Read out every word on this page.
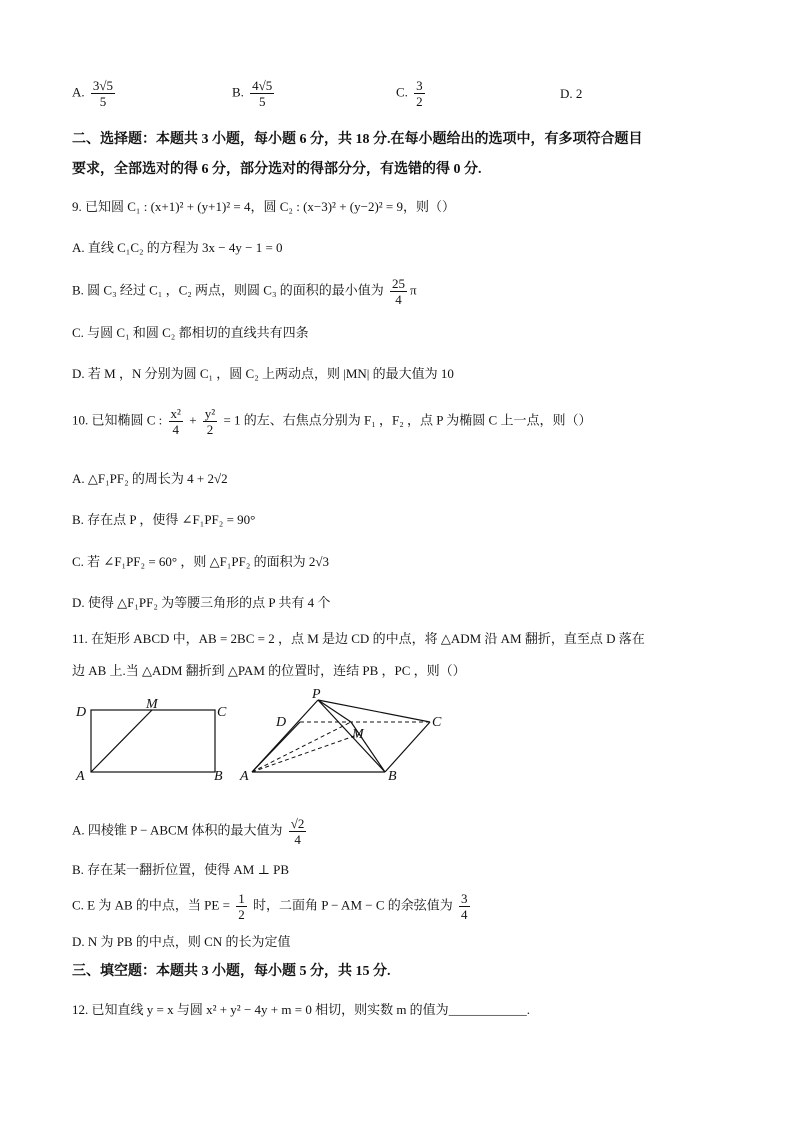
A. $\frac{3√5}{5}$	B. $\frac{4√5}{5}$	C. $\frac{3}{2}$	D. 2
二、选择题：本题共 3 小题，每小题 6 分，共 18 分.在每小题给出的选项中，有多项符合题目
要求，全部选对的得 6 分，部分选对的得部分分，有选错的得 0 分.
9. 已知圆 C₁ : (x+1)² + (y+1)² = 4，圆 C₂ : (x−3)² + (y−2)² = 9，则（）
A. 直线 C₁C₂ 的方程为 3x − 4y − 1 = 0
B. 圆 C₃ 经过 C₁ ，C₂ 两点，则圆 C₃ 的面积的最小值为 $\frac{25}{4}$ π
C. 与圆 C₁ 和圆 C₂ 都相切的直线共有四条
D. 若 M ，N 分别为圆 C₁ ，圆 C₂ 上两动点，则 |MN| 的最大值为 10
10. 已知椭圆 C : $\frac{\text{x²}}{4} + \frac{\text{y²}}{2} = 1$ 的左、右焦点分别为 F₁ ，F₂ ，点 P 为椭圆 C 上一点，则（）
A. △F₁PF₂ 的周长为 4 + 2√2
B. 存在点 P ，使得 ∠F₁PF₂ = 90°
C. 若 ∠F₁PF₂ = 60° ，则 △F₁PF₂ 的面积为 2√3
D. 使得 △F₁PF₂ 为等腰三角形的点 P 共有 4 个
11. 在矩形 ABCD 中，AB = 2BC = 2 ，点 M 是边 CD 的中点，将 △ADM 沿 AM 翻折，直至点 D 落在
边 AB 上.当 △ADM 翻折到 △PAM 的位置时，连结 PB ，PC ，则（）
D
M
C
A	B
P
D
M
C
A	B
A. 四棱锥 P − ABCM 体积的最大值为 $\frac{√2}{4}$
B. 存在某一翻折位置，使得 AM ⊥ PB
C. E 为 AB 的中点，当 PE = $\frac{1}{2}$ 时，二面角 P − AM − C 的余弦值为 $\frac{3}{4}$
D. N 为 PB 的中点，则 CN 的长为定值
三、填空题：本题共 3 小题，每小题 5 分，共 15 分.
12. 已知直线 y = x 与圆 x² + y² − 4y + m = 0 相切，则实数 m 的值为____________.
